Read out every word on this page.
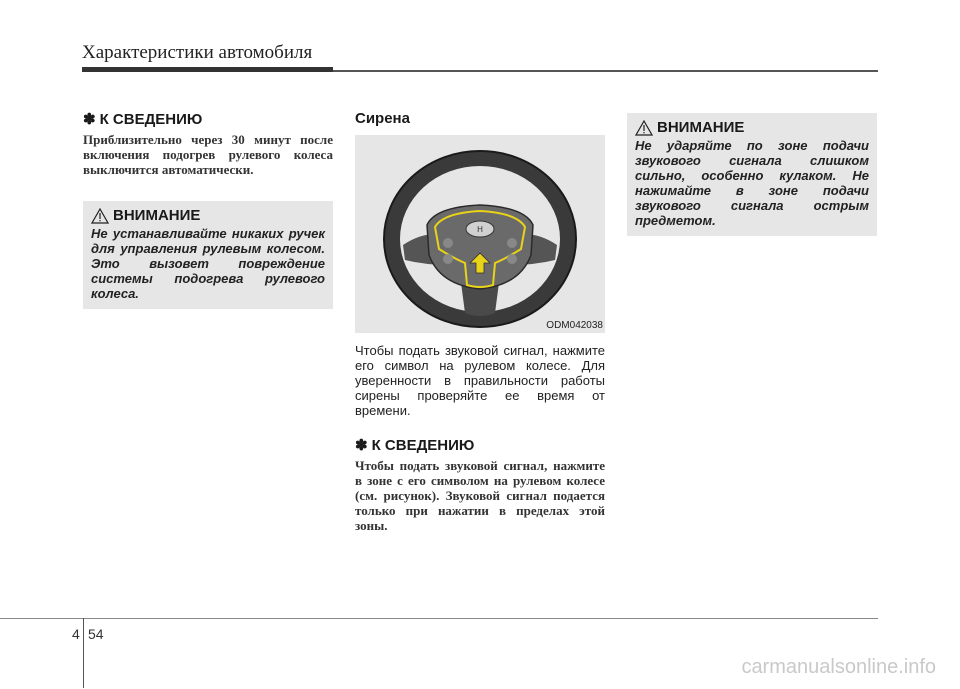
Характеристики автомобиля
✽ К СВЕДЕНИЮ
Приблизительно через 30 минут после включения подогрев рулевого колеса выключится автоматически.
ВНИМАНИЕ
Не устанавливайте никаких ручек для управления рулевым колесом. Это вызовет повреждение системы подогрева рулевого колеса.
Сирена
H
ODM042038
Чтобы подать звуковой сигнал, нажмите его символ на рулевом колесе. Для уверенности в правильности работы сирены проверяйте ее время от времени.
✽ К СВЕДЕНИЮ
Чтобы подать звуковой сигнал, нажмите в зоне с его символом на рулевом колесе (см. рисунок). Звуковой сигнал подается только при нажатии в пределах этой зоны.
ВНИМАНИЕ
Не ударяйте по зоне подачи звукового сигнала слишком сильно, особенно кулаком. Не нажимайте в зоне подачи звукового сигнала острым предметом.
4 54
carmanualsonline.info
